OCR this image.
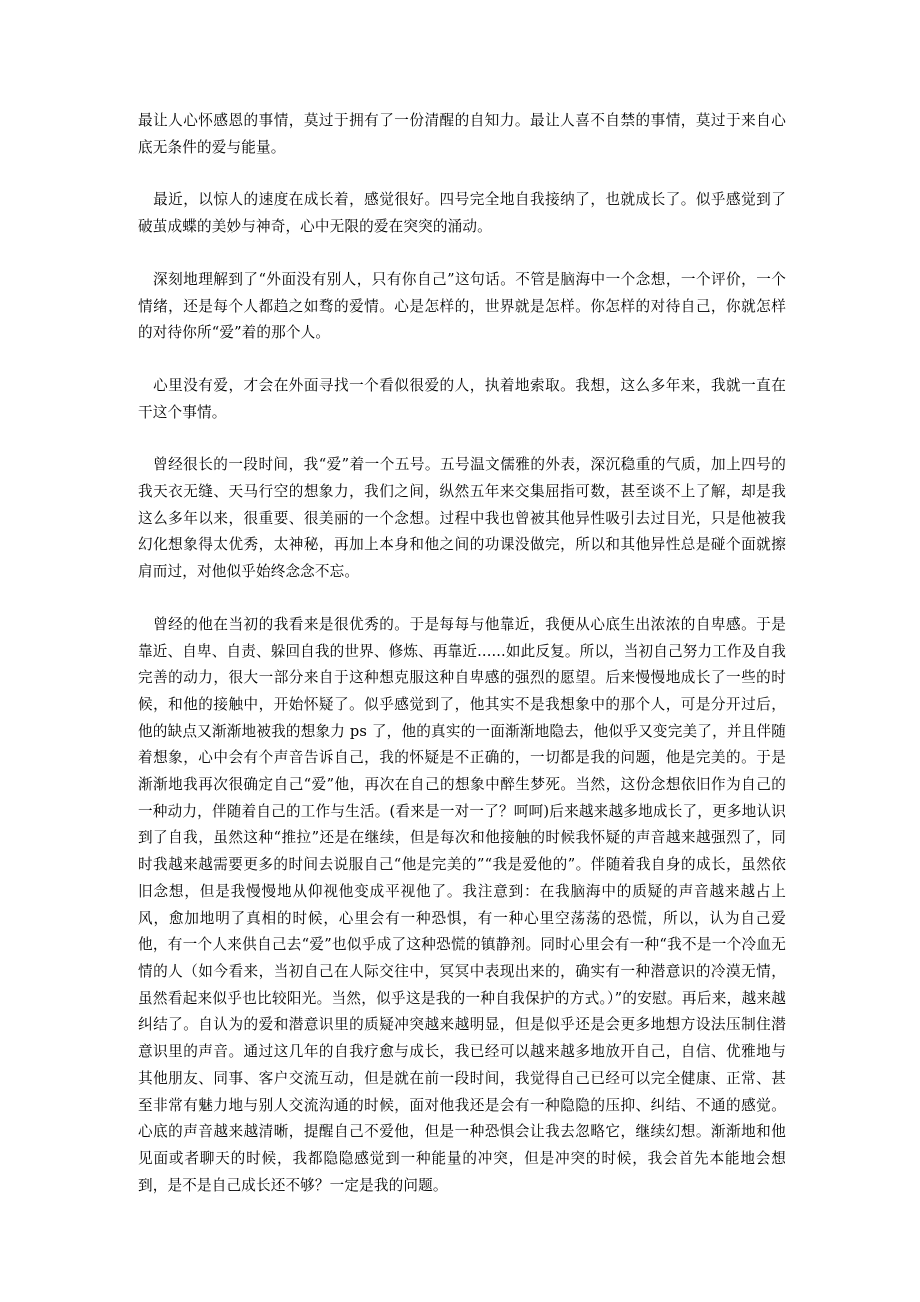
最让人心怀感恩的事情，莫过于拥有了一份清醒的自知力。最让人喜不自禁的事情，莫过于来自心底无条件的爱与能量。

　最近，以惊人的速度在成长着，感觉很好。四号完全地自我接纳了，也就成长了。似乎感觉到了破茧成蝶的美妙与神奇，心中无限的爱在突突的涌动。

　深刻地理解到了“外面没有别人，只有你自己”这句话。不管是脑海中一个念想，一个评价，一个情绪，还是每个人都趋之如骛的爱情。心是怎样的，世界就是怎样。你怎样的对待自己，你就怎样的对待你所“爱”着的那个人。

　心里没有爱，才会在外面寻找一个看似很爱的人，执着地索取。我想，这么多年来，我就一直在干这个事情。

　曾经很长的一段时间，我“爱”着一个五号。五号温文儒雅的外表，深沉稳重的气质，加上四号的我天衣无缝、天马行空的想象力，我们之间，纵然五年来交集屈指可数，甚至谈不上了解，却是我这么多年以来，很重要、很美丽的一个念想。过程中我也曾被其他异性吸引去过目光，只是他被我幻化想象得太优秀，太神秘，再加上本身和他之间的功课没做完，所以和其他异性总是碰个面就擦肩而过，对他似乎始终念念不忘。

　曾经的他在当初的我看来是很优秀的。于是每每与他靠近，我便从心底生出浓浓的自卑感。于是靠近、自卑、自责、躲回自我的世界、修炼、再靠近......如此反复。所以，当初自己努力工作及自我完善的动力，很大一部分来自于这种想克服这种自卑感的强烈的愿望。后来慢慢地成长了一些的时候，和他的接触中，开始怀疑了。似乎感觉到了，他其实不是我想象中的那个人，可是分开过后，他的缺点又渐渐地被我的想象力 ps 了，他的真实的一面渐渐地隐去，他似乎又变完美了，并且伴随着想象，心中会有个声音告诉自己，我的怀疑是不正确的，一切都是我的问题，他是完美的。于是渐渐地我再次很确定自己“爱”他，再次在自己的想象中醉生梦死。当然，这份念想依旧作为自己的一种动力，伴随着自己的工作与生活。(看来是一对一了？呵呵)后来越来越多地成长了，更多地认识到了自我，虽然这种“推拉”还是在继续，但是每次和他接触的时候我怀疑的声音越来越强烈了，同时我越来越需要更多的时间去说服自己“他是完美的”“我是爱他的”。伴随着我自身的成长，虽然依旧念想，但是我慢慢地从仰视他变成平视他了。我注意到：在我脑海中的质疑的声音越来越占上风，愈加地明了真相的时候，心里会有一种恐惧，有一种心里空荡荡的恐慌，所以，认为自己爱他，有一个人来供自己去“爱”也似乎成了这种恐慌的镇静剂。同时心里会有一种“我不是一个冷血无情的人（如今看来，当初自己在人际交往中，冥冥中表现出来的，确实有一种潜意识的冷漠无情，虽然看起来似乎也比较阳光。当然，似乎这是我的一种自我保护的方式。）”的安慰。再后来，越来越纠结了。自认为的爱和潜意识里的质疑冲突越来越明显，但是似乎还是会更多地想方设法压制住潜意识里的声音。通过这几年的自我疗愈与成长，我已经可以越来越多地放开自己，自信、优雅地与其他朋友、同事、客户交流互动，但是就在前一段时间，我觉得自己已经可以完全健康、正常、甚至非常有魅力地与别人交流沟通的时候，面对他我还是会有一种隐隐的压抑、纠结、不通的感觉。心底的声音越来越清晰，提醒自己不爱他，但是一种恐惧会让我去忽略它，继续幻想。渐渐地和他见面或者聊天的时候，我都隐隐感觉到一种能量的冲突，但是冲突的时候，我会首先本能地会想到，是不是自己成长还不够？一定是我的问题。
